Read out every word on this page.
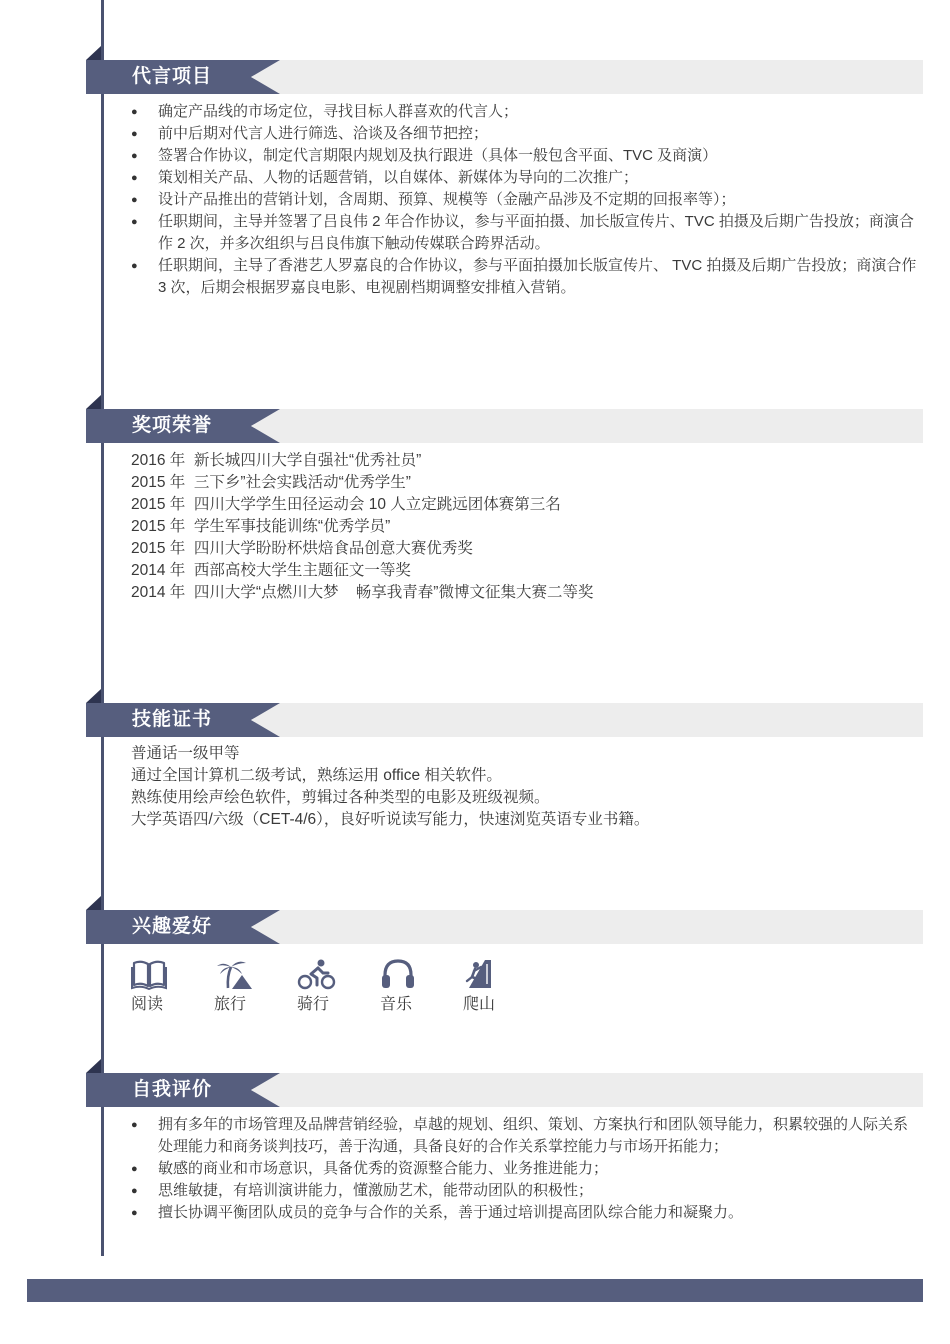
代言项目
● 确定产品线的市场定位，寻找目标人群喜欢的代言人；
● 前中后期对代言人进行筛选、洽谈及各细节把控；
● 签署合作协议，制定代言期限内规划及执行跟进（具体一般包含平面、TVC 及商演）
● 策划相关产品、人物的话题营销，以自媒体、新媒体为导向的二次推广；
● 设计产品推出的营销计划，含周期、预算、规模等（金融产品涉及不定期的回报率等）；
● 任职期间，主导并签署了吕良伟 2 年合作协议，参与平面拍摄、加长版宣传片、TVC 拍摄及后期广告投放；商演合作 2 次，并多次组织与吕良伟旗下触动传媒联合跨界活动。
● 任职期间，主导了香港艺人罗嘉良的合作协议，参与平面拍摄加长版宣传片、 TVC 拍摄及后期广告投放；商演合作 3 次，后期会根据罗嘉良电影、电视剧档期调整安排植入营销。
奖项荣誉
2016 年  新长城四川大学自强社“优秀社员”
2015 年  三下乡”社会实践活动“优秀学生”
2015 年  四川大学学生田径运动会 10 人立定跳远团体赛第三名
2015 年  学生军事技能训练“优秀学员”
2015 年  四川大学盼盼杯烘焙食品创意大赛优秀奖
2014 年  西部高校大学生主题征文一等奖
2014 年  四川大学“点燃川大梦    畅享我青春”微博文征集大赛二等奖
技能证书
普通话一级甲等
通过全国计算机二级考试，熟练运用 office 相关软件。
熟练使用绘声绘色软件，剪辑过各种类型的电影及班级视频。
大学英语四/六级（CET-4/6），良好听说读写能力，快速浏览英语专业书籍。
兴趣爱好
阅读	旅行	骑行	音乐	爬山
自我评价
● 拥有多年的市场管理及品牌营销经验，卓越的规划、组织、策划、方案执行和团队领导能力，积累较强的人际关系处理能力和商务谈判技巧，善于沟通，具备良好的合作关系掌控能力与市场开拓能力；
● 敏感的商业和市场意识，具备优秀的资源整合能力、业务推进能力；
● 思维敏捷，有培训演讲能力，懂激励艺术，能带动团队的积极性；
● 擅长协调平衡团队成员的竞争与合作的关系，善于通过培训提高团队综合能力和凝聚力。
